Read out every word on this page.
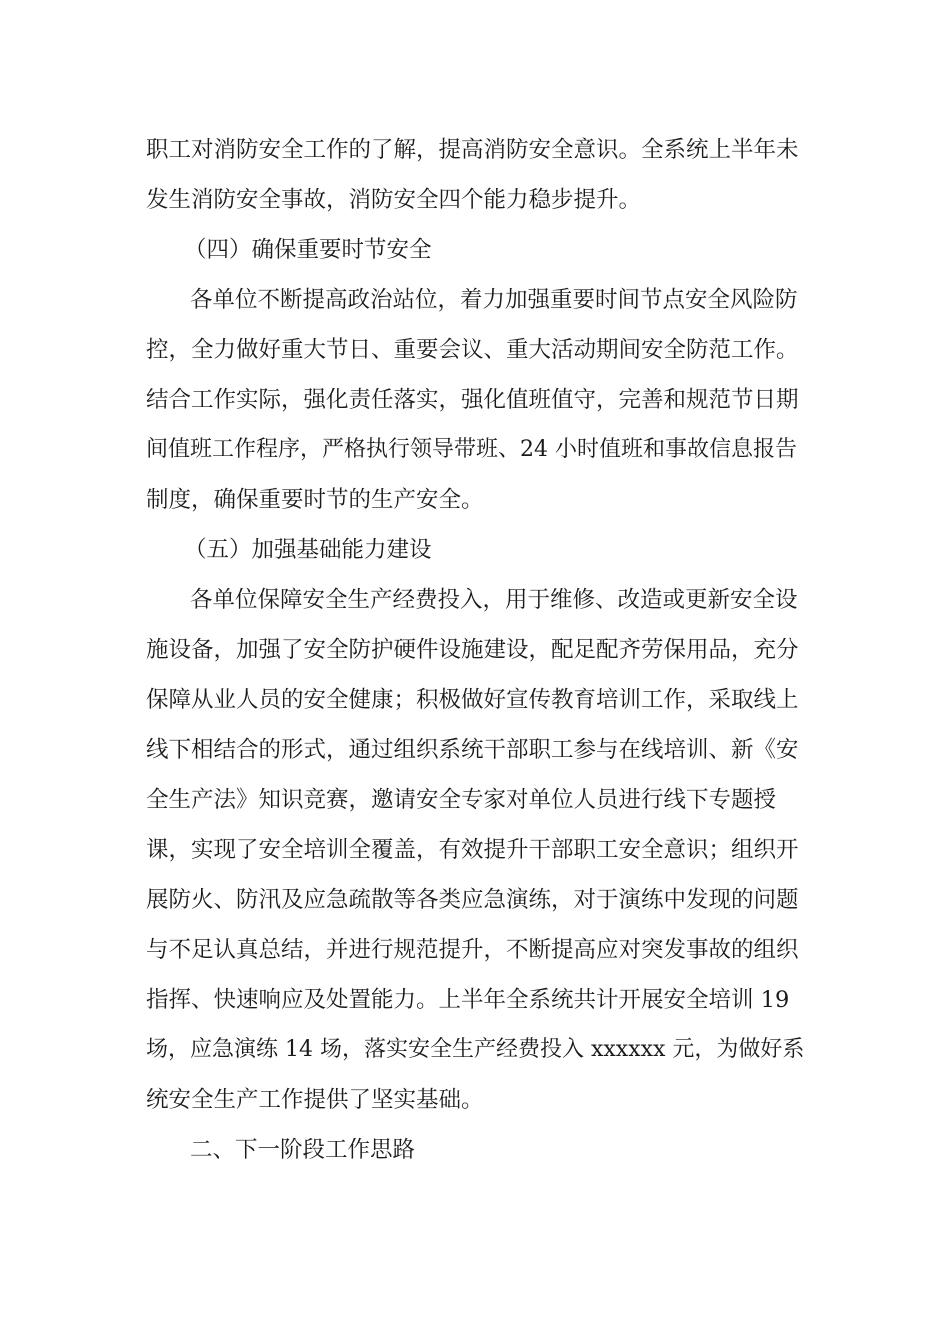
职工对消防安全工作的了解，提高消防安全意识。全系统上半年未
发生消防安全事故，消防安全四个能力稳步提升。
（四）确保重要时节安全
各单位不断提高政治站位，着力加强重要时间节点安全风险防
控，全力做好重大节日、重要会议、重大活动期间安全防范工作。
结合工作实际，强化责任落实，强化值班值守，完善和规范节日期
间值班工作程序，严格执行领导带班、24 小时值班和事故信息报告
制度，确保重要时节的生产安全。
（五）加强基础能力建设
各单位保障安全生产经费投入，用于维修、改造或更新安全设
施设备，加强了安全防护硬件设施建设，配足配齐劳保用品，充分
保障从业人员的安全健康；积极做好宣传教育培训工作，采取线上
线下相结合的形式，通过组织系统干部职工参与在线培训、新《安
全生产法》知识竞赛，邀请安全专家对单位人员进行线下专题授
课，实现了安全培训全覆盖，有效提升干部职工安全意识；组织开
展防火、防汛及应急疏散等各类应急演练，对于演练中发现的问题
与不足认真总结，并进行规范提升，不断提高应对突发事故的组织
指挥、快速响应及处置能力。上半年全系统共计开展安全培训 19
场，应急演练 14 场，落实安全生产经费投入 xxxxxx 元，为做好系
统安全生产工作提供了坚实基础。
二、下一阶段工作思路
